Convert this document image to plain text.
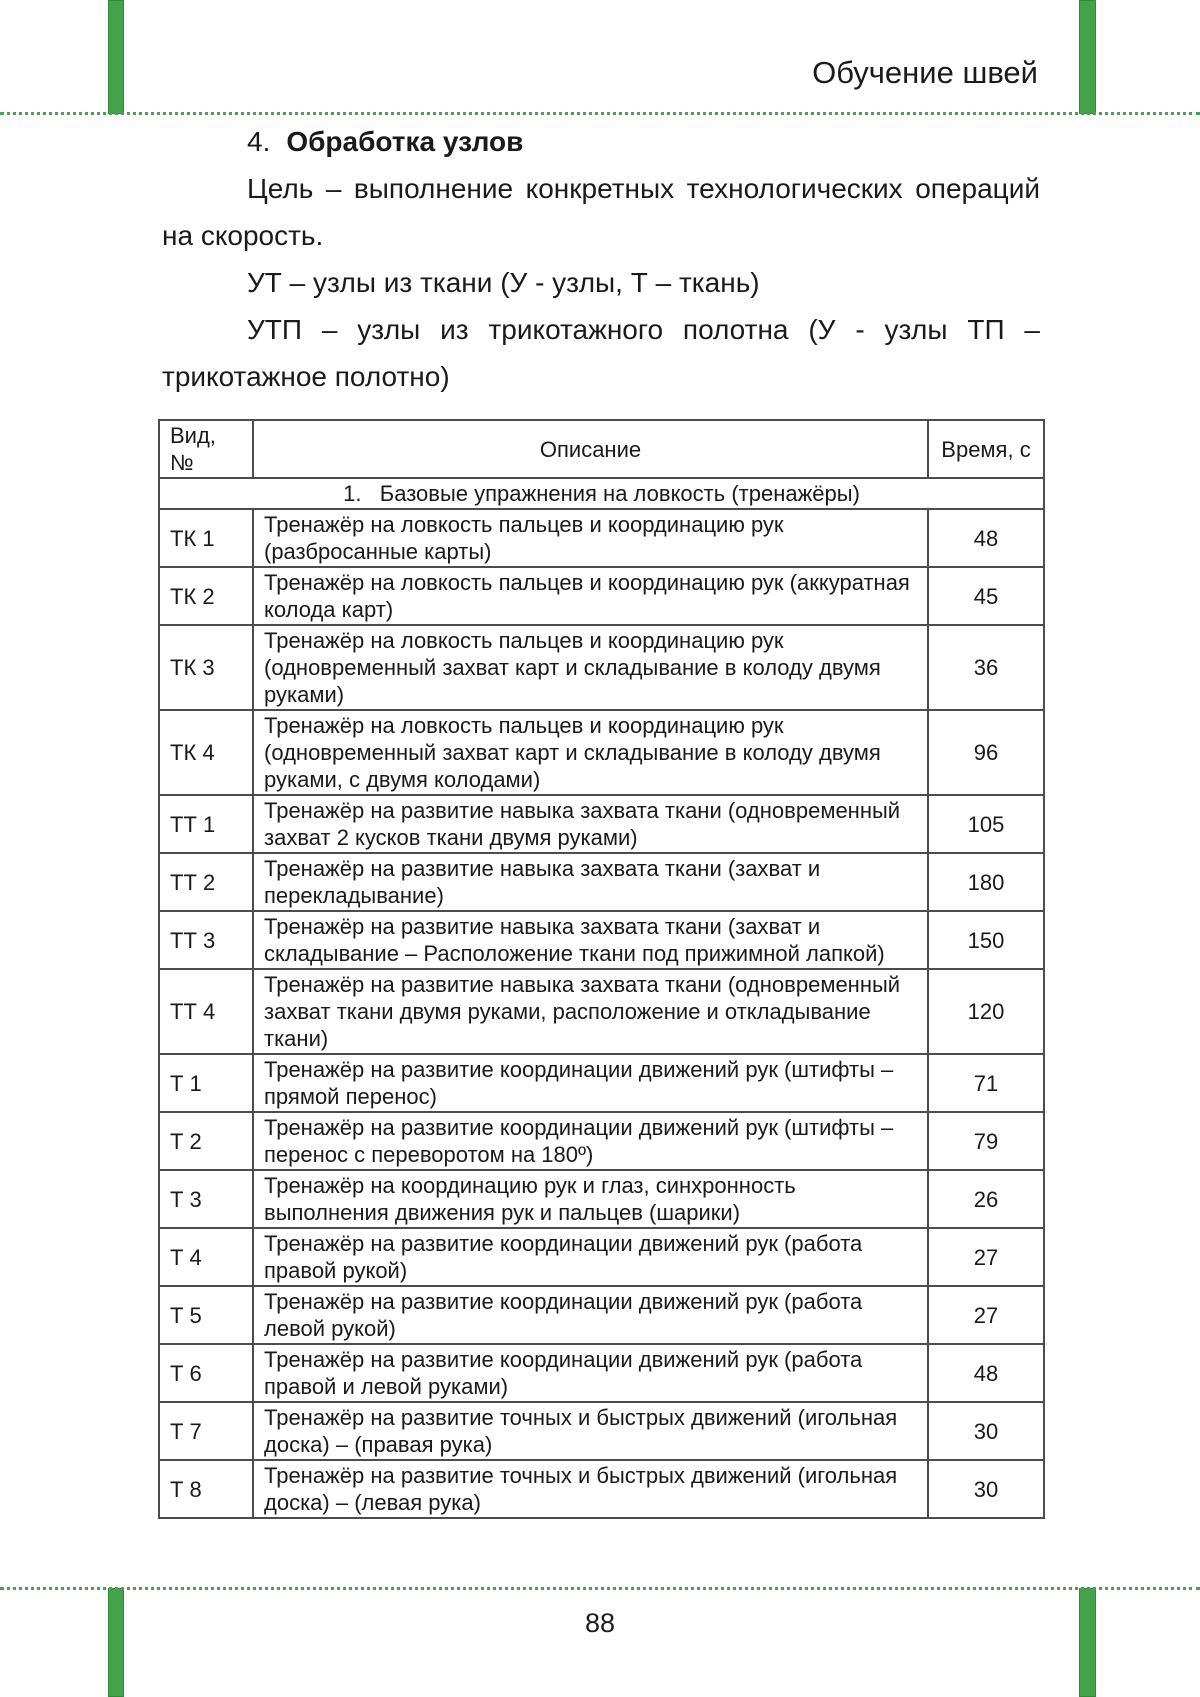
Обучение швей
4. Обработка узлов
Цель – выполнение конкретных технологических операций
на скорость.
УТ – узлы из ткани (У - узлы, Т – ткань)
УТП – узлы из трикотажного полотна (У - узлы ТП –
трикотажное полотно)
Вид, №	Описание	Время, с
1.   Базовые упражнения на ловкость (тренажёры)		
ТК 1	Тренажёр на ловкость пальцев и координацию рук (разбросанные карты)	48
ТК 2	Тренажёр на ловкость пальцев и координацию рук (аккуратная колода карт)	45
ТК 3	Тренажёр на ловкость пальцев и координацию рук (одновременный захват карт и складывание в колоду двумя руками)	36
ТК 4	Тренажёр на ловкость пальцев и координацию рук (одновременный захват карт и складывание в колоду двумя руками, с двумя колодами)	96
ТТ 1	Тренажёр на развитие навыка захвата ткани (одновременный захват 2 кусков ткани двумя руками)	105
ТТ 2	Тренажёр на развитие навыка захвата ткани (захват и перекладывание)	180
ТТ 3	Тренажёр на развитие навыка захвата ткани (захват и складывание – Расположение ткани под прижимной лапкой)	150
ТТ 4	Тренажёр на развитие навыка захвата ткани (одновременный захват ткани двумя руками, расположение и откладывание ткани)	120
Т 1	Тренажёр на развитие координации движений рук (штифты – прямой перенос)	71
Т 2	Тренажёр на развитие координации движений рук (штифты – перенос с переворотом на 180º)	79
Т 3	Тренажёр на координацию рук и глаз, синхронность выполнения движения рук и пальцев (шарики)	26
Т 4	Тренажёр на развитие координации движений рук (работа правой рукой)	27
Т 5	Тренажёр на развитие координации движений рук (работа левой рукой)	27
Т 6	Тренажёр на развитие координации движений рук (работа правой и левой руками)	48
Т 7	Тренажёр на развитие точных и быстрых движений (игольная доска) – (правая рука)	30
Т 8	Тренажёр на развитие точных и быстрых движений (игольная доска) – (левая рука)	30
88
